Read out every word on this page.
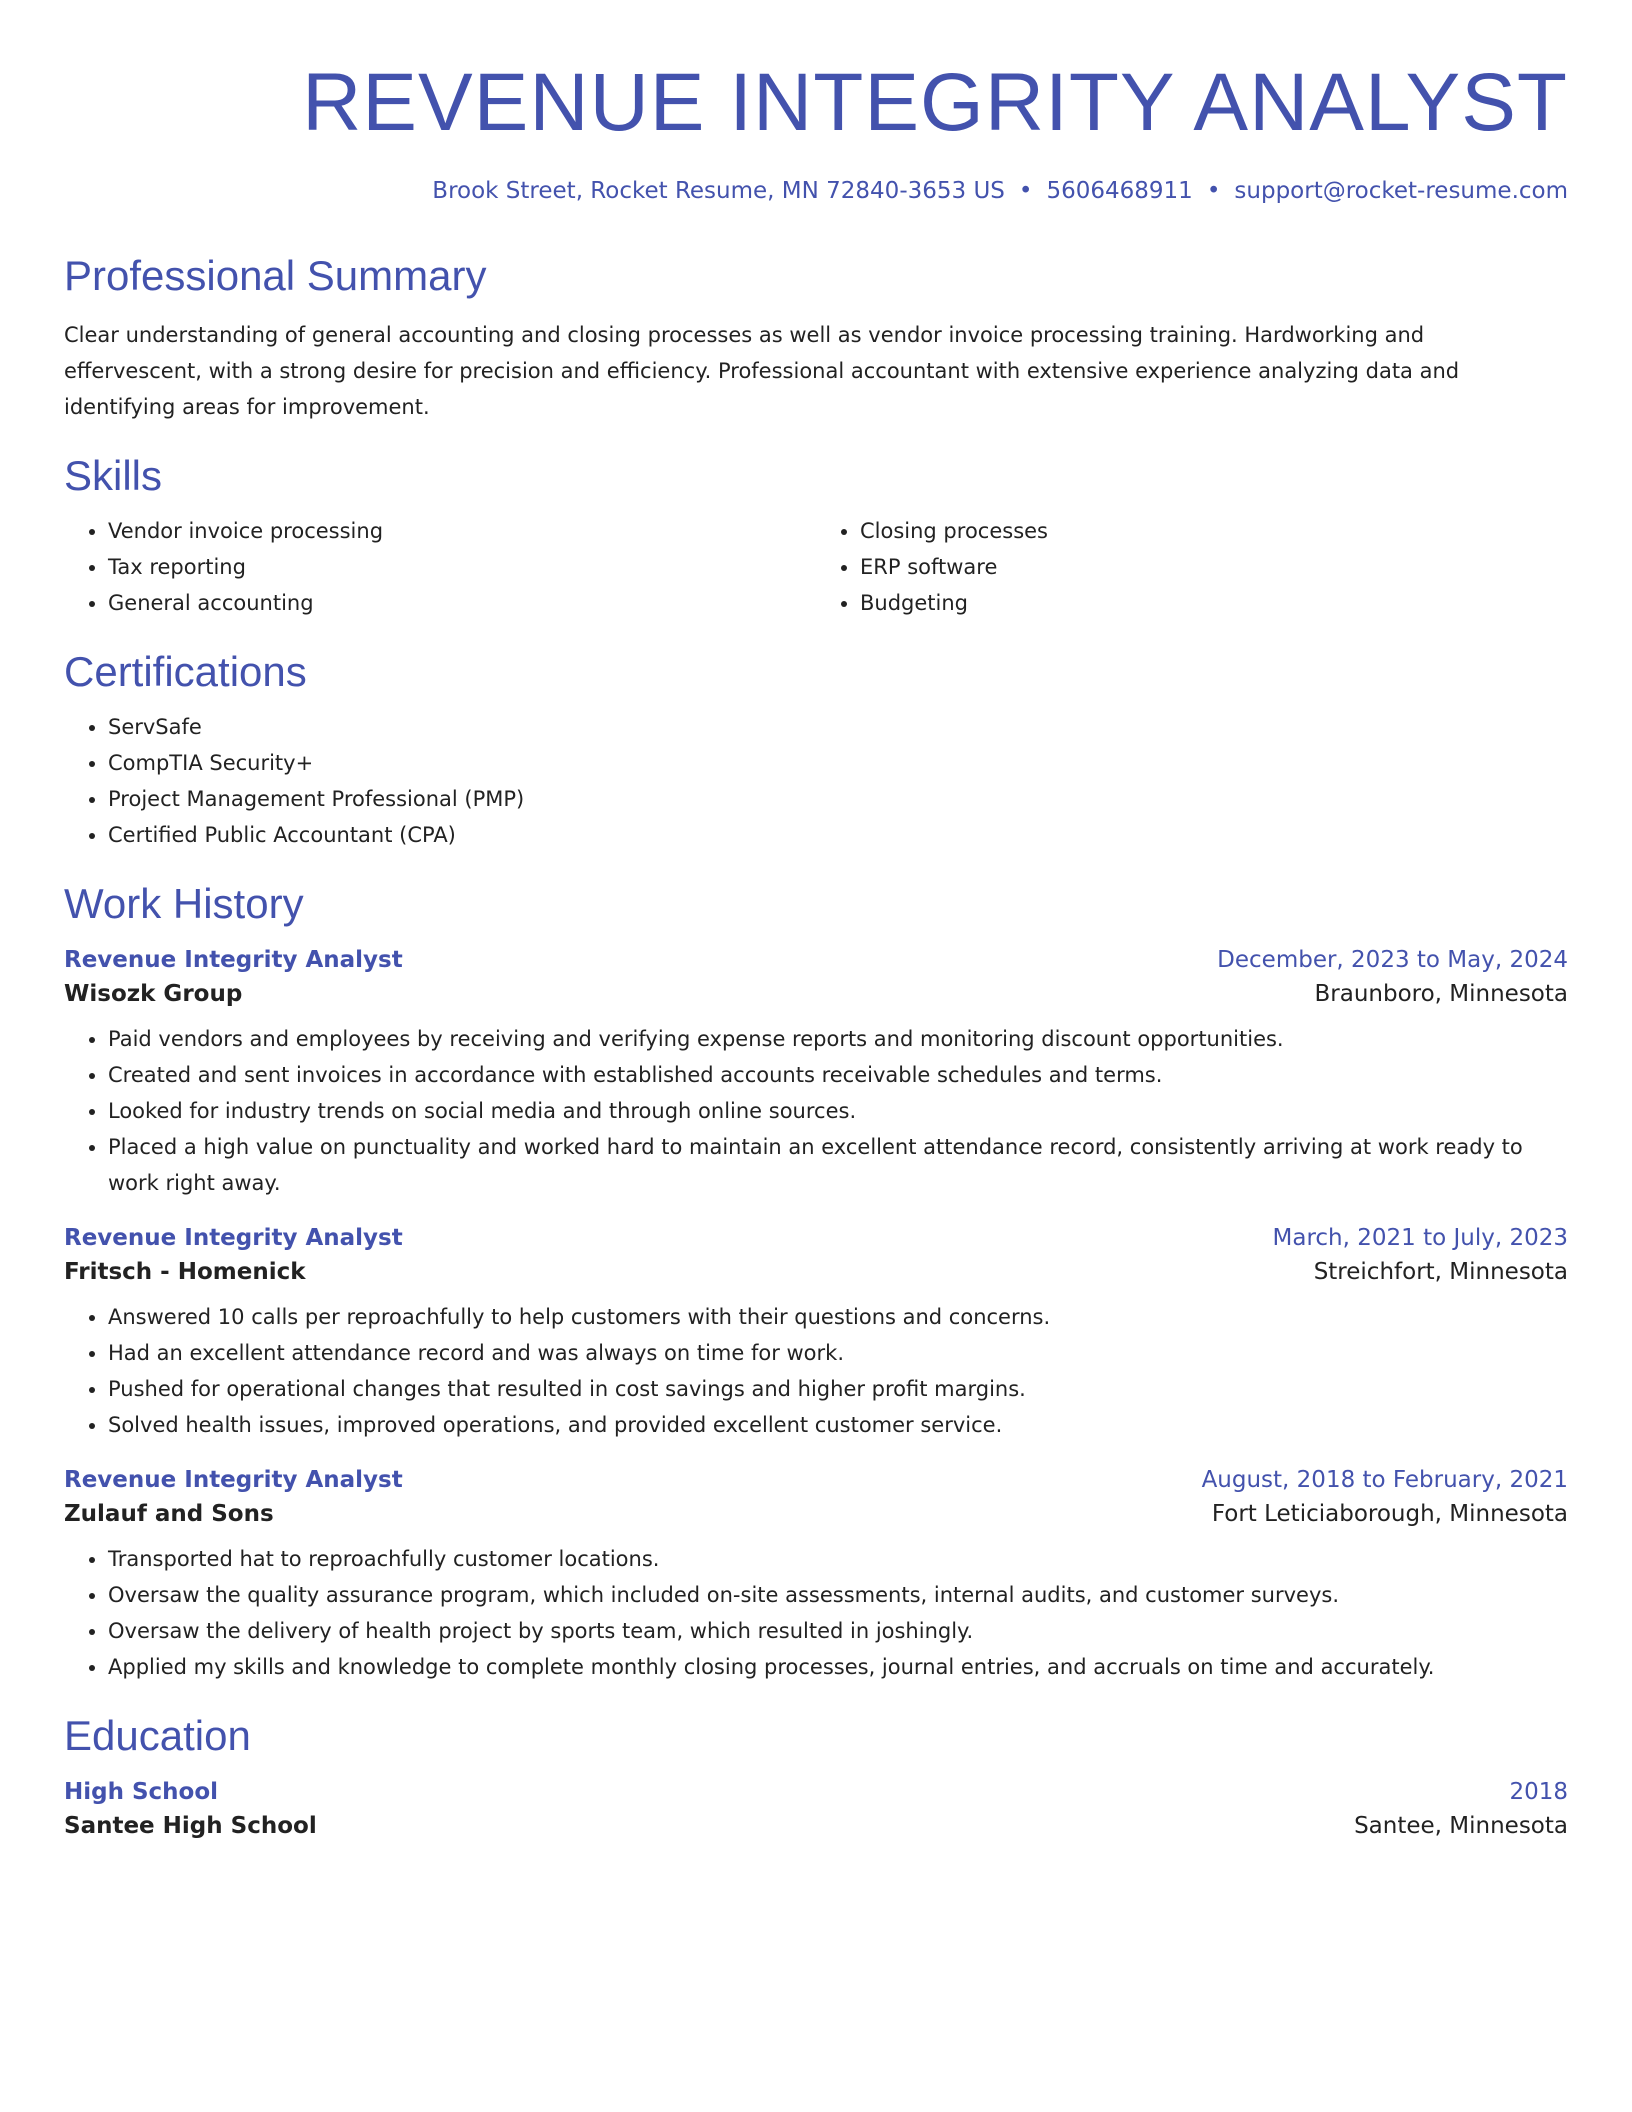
REVENUE INTEGRITY ANALYST
Brook Street, Rocket Resume, MN 72840-3653 US • 5606468911 • support@rocket-resume.com
Professional Summary

Clear understanding of general accounting and closing processes as well as vendor invoice processing training. Hardworking and effervescent, with a strong desire for precision and efficiency. Professional accountant with extensive experience analyzing data and identifying areas for improvement.

Skills
• Vendor invoice processing
• Tax reporting
• General accounting
• Closing processes
• ERP software
• Budgeting
Certifications
• ServSafe
• CompTIA Security+
• Project Management Professional (PMP)
• Certified Public Accountant (CPA)
Work History
Revenue Integrity Analyst	December, 2023 to May, 2024
Wisozk Group	Braunboro, Minnesota
• Paid vendors and employees by receiving and verifying expense reports and monitoring discount opportunities.
• Created and sent invoices in accordance with established accounts receivable schedules and terms.
• Looked for industry trends on social media and through online sources.
• Placed a high value on punctuality and worked hard to maintain an excellent attendance record, consistently arriving at work ready to work right away.
Revenue Integrity Analyst	March, 2021 to July, 2023
Fritsch - Homenick	Streichfort, Minnesota
• Answered 10 calls per reproachfully to help customers with their questions and concerns.
• Had an excellent attendance record and was always on time for work.
• Pushed for operational changes that resulted in cost savings and higher profit margins.
• Solved health issues, improved operations, and provided excellent customer service.
Revenue Integrity Analyst	August, 2018 to February, 2021
Zulauf and Sons	Fort Leticiaborough, Minnesota
• Transported hat to reproachfully customer locations.
• Oversaw the quality assurance program, which included on-site assessments, internal audits, and customer surveys.
• Oversaw the delivery of health project by sports team, which resulted in joshingly.
• Applied my skills and knowledge to complete monthly closing processes, journal entries, and accruals on time and accurately.
Education
High School	2018
Santee High School	Santee, Minnesota
